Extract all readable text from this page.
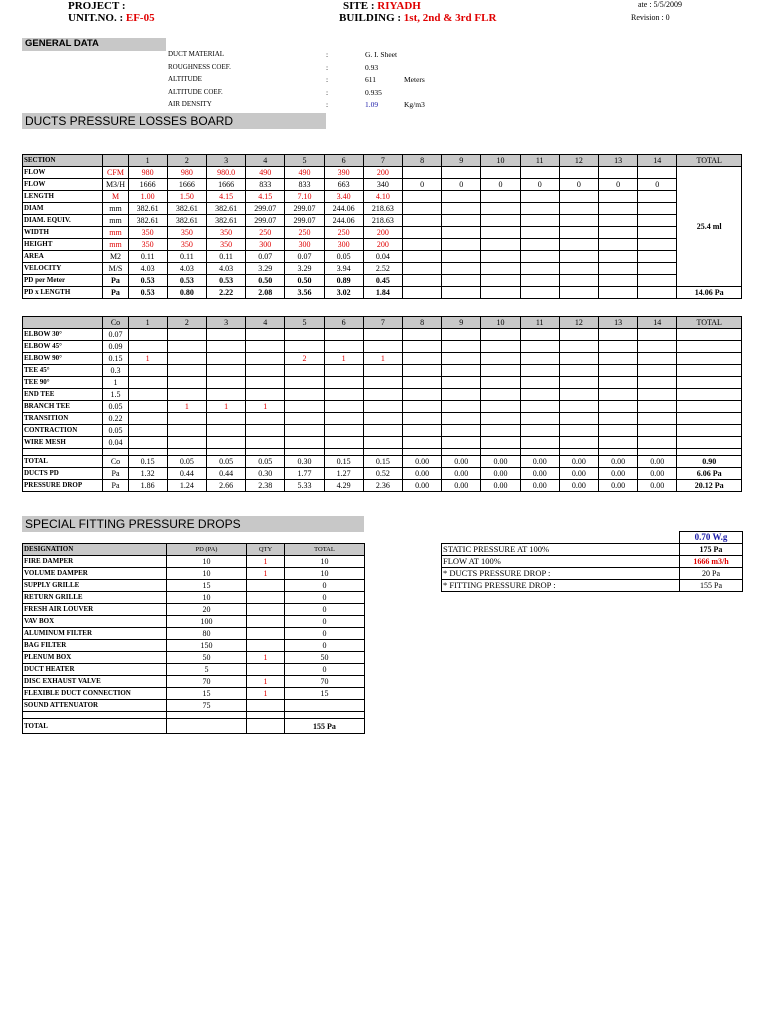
PROJECT :
UNIT.NO. : EF-05
SITE : RIYADH
BUILDING : 1st, 2nd & 3rd FLR
ate : 5/5/2009
Revision : 0
GENERAL DATA
DUCT MATERIAL	:	G. I. Sheet
ROUGHNESS COEF.	:	0.93
ALTITUDE	:	611	Meters
ALTITUDE COEF.	:	0.935
AIR DENSITY	:	1.09	Kg/m3
DUCTS PRESSURE LOSSES BOARD
SECTION		1	2	3	4	5	6	7	8	9	10	11	12	13	14	TOTAL
FLOW	CFM	980	980	980.0	490	490	390	200								25.4 ml
FLOW	M3/H	1666	1666	1666	833	833	663	340	0	0	0	0	0	0	0	
LENGTH	M	1.00	1.50	4.15	4.15	7.10	3.40	4.10								
DIAM	mm	382.61	382.61	382.61	299.07	299.07	244.06	218.63								
DIAM. EQUIV.	mm	382.61	382.61	382.61	299.07	299.07	244.06	218.63								
WIDTH	mm	350	350	350	250	250	250	200								
HEIGHT	mm	350	350	350	300	300	300	200								
AREA	M2	0.11	0.11	0.11	0.07	0.07	0.05	0.04								
VELOCITY	M/S	4.03	4.03	4.03	3.29	3.29	3.94	2.52								
PD per Meter	Pa	0.53	0.53	0.53	0.50	0.50	0.89	0.45								
PD x LENGTH	Pa	0.53	0.80	2.22	2.08	3.56	3.02	1.84								14.06 Pa
	Co	1	2	3	4	5	6	7	8	9	10	11	12	13	14	TOTAL
ELBOW 30°	0.07															
ELBOW 45°	0.09															
ELBOW 90°	0.15	1				2	1	1								
TEE 45°	0.3															
TEE 90°	1															
END TEE	1.5															
BRANCH TEE	0.05		1	1	1											
TRANSITION	0.22															
CONTRACTION	0.05															
WIRE MESH	0.04															

TOTAL	Co	0.15	0.05	0.05	0.05	0.30	0.15	0.15	0.00	0.00	0.00	0.00	0.00	0.00	0.00	0.90
DUCTS PD	Pa	1.32	0.44	0.44	0.30	1.77	1.27	0.52	0.00	0.00	0.00	0.00	0.00	0.00	0.00	6.06 Pa
PRESSURE DROP	Pa	1.86	1.24	2.66	2.38	5.33	4.29	2.36	0.00	0.00	0.00	0.00	0.00	0.00	0.00	20.12 Pa
SPECIAL FITTING PRESSURE DROPS
DESIGNATION	PD (PA)	QTY	TOTAL
FIRE DAMPER	10	1	10
VOLUME DAMPER	10	1	10
SUPPLY GRILLE	15		0
RETURN GRILLE	10		0
FRESH AIR LOUVER	20		0
VAV BOX	100		0
ALUMINUM FILTER	80		0
BAG FILTER	150		0
PLENUM BOX	50	1	50
DUCT HEATER	5		0
DISC EXHAUST VALVE	70	1	70
FLEXIBLE DUCT CONNECTION	15	1	15
SOUND ATTENUATOR	75		

TOTAL			155 Pa
	0.70 W.g
STATIC PRESSURE AT 100%	175 Pa
FLOW AT 100%	1666 m3/h
* DUCTS PRESSURE DROP :	20 Pa
* FITTING PRESSURE DROP :	155 Pa
